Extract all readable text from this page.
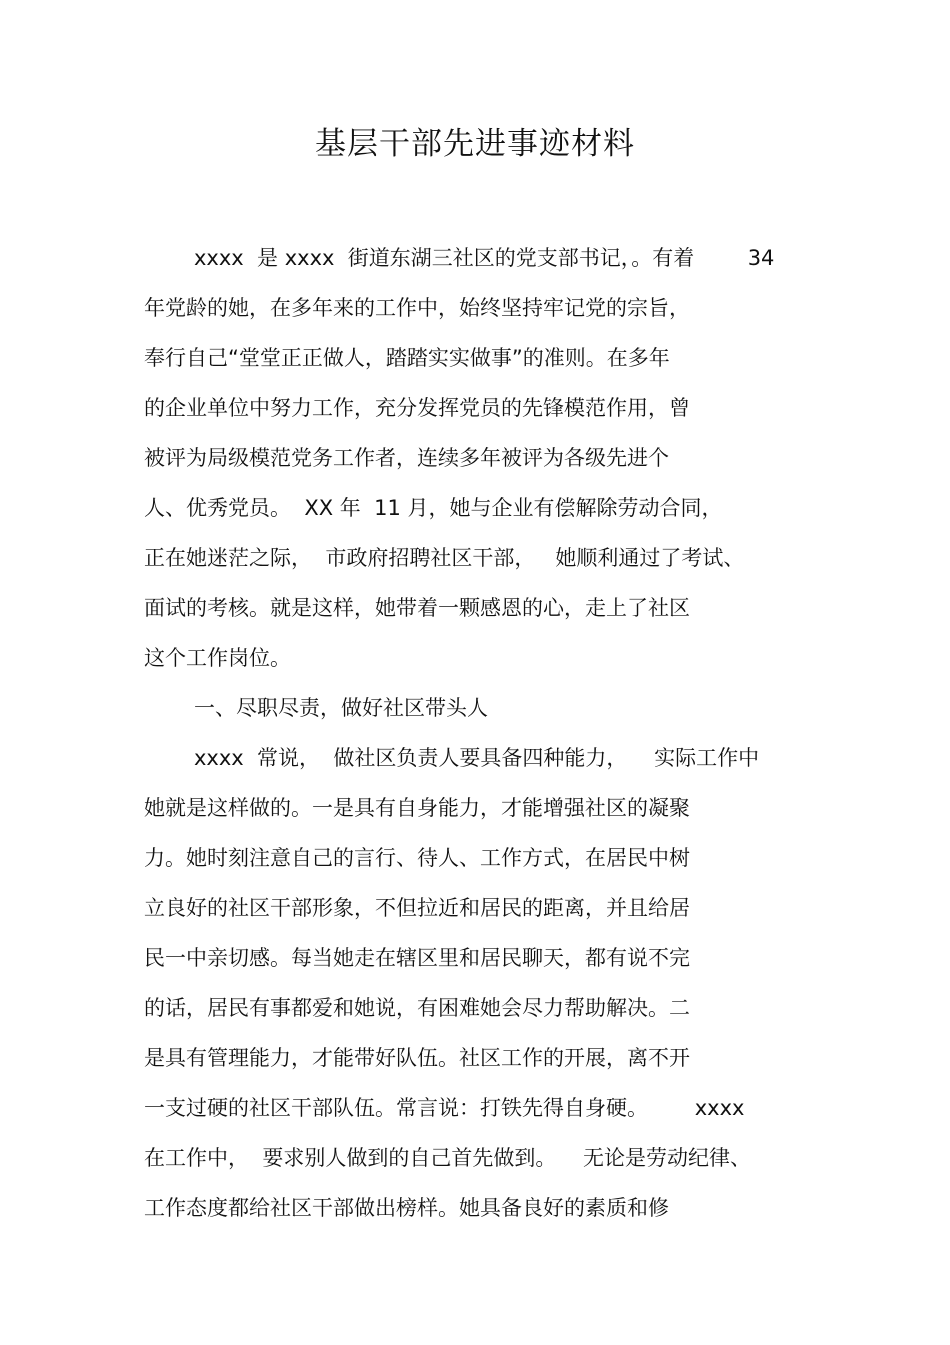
基层干部先进事迹材料
xxxx  是 xxxx  街道东湖三社区的党支部书记，。有着        34
年党龄的她，在多年来的工作中，始终坚持牢记党的宗旨，
奉行自己“堂堂正正做人，踏踏实实做事”的准则。在多年
的企业单位中努力工作，充分发挥党员的先锋模范作用，曾
被评为局级模范党务工作者，连续多年被评为各级先进个
人、优秀党员。  XX 年  11 月，她与企业有偿解除劳动合同，
正在她迷茫之际，  市政府招聘社区干部，   她顺利通过了考试、
面试的考核。就是这样，她带着一颗感恩的心，走上了社区
这个工作岗位。
一、尽职尽责，做好社区带头人
xxxx  常说，  做社区负责人要具备四种能力，    实际工作中
她就是这样做的。一是具有自身能力，才能增强社区的凝聚
力。她时刻注意自己的言行、待人、工作方式，在居民中树
立良好的社区干部形象，不但拉近和居民的距离，并且给居
民一中亲切感。每当她走在辖区里和居民聊天，都有说不完
的话，居民有事都爱和她说，有困难她会尽力帮助解决。二
是具有管理能力，才能带好队伍。社区工作的开展，离不开
一支过硬的社区干部队伍。常言说：打铁先得自身硬。       xxxx
在工作中，  要求别人做到的自己首先做到。    无论是劳动纪律、
工作态度都给社区干部做出榜样。她具备良好的素质和修
